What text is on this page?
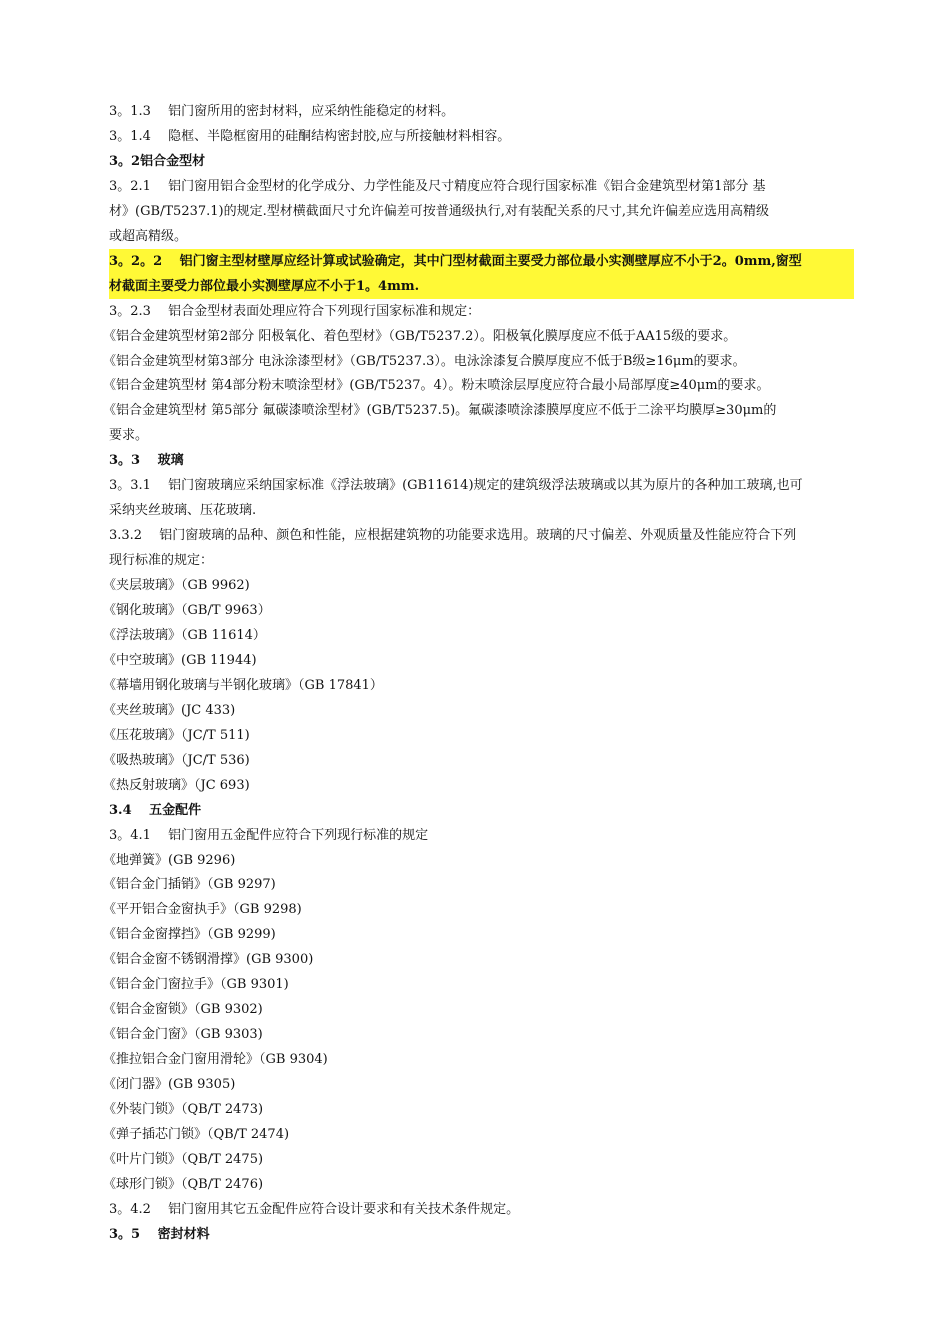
3。1.3　 铝门窗所用的密封材料，应采纳性能稳定的材料。
3。1.4　 隐框、半隐框窗用的硅酮结构密封胶,应与所接触材料相容。
3。2铝合金型材
3。2.1　 铝门窗用铝合金型材的化学成分、力学性能及尺寸精度应符合现行国家标准《铝合金建筑型材第1部分 基
材》(GB/T5237.1)的规定.型材横截面尺寸允许偏差可按普通级执行,对有装配关系的尺寸,其允许偏差应选用高精级
或超高精级。
3。2。2　 铝门窗主型材壁厚应经计算或试验确定，其中门型材截面主要受力部位最小实测壁厚应不小于2。0mm,窗型
材截面主要受力部位最小实测壁厚应不小于1。4mm.
3。2.3　 铝合金型材表面处理应符合下列现行国家标准和规定：
《铝合金建筑型材第2部分 阳极氧化、着色型材》（GB/T5237.2）。阳极氧化膜厚度应不低于AA15级的要求。
《铝合金建筑型材第3部分 电泳涂漆型材》（GB/T5237.3）。电泳涂漆复合膜厚度应不低于B级≥16μm的要求。
《铝合金建筑型材 第4部分粉末喷涂型材》(GB/T5237。4）。粉末喷涂层厚度应符合最小局部厚度≥40μm的要求。
《铝合金建筑型材 第5部分 氟碳漆喷涂型材》(GB/T5237.5)。氟碳漆喷涂漆膜厚度应不低于二涂平均膜厚≥30μm的
要求。
3。3　 玻璃
3。3.1　 铝门窗玻璃应采纳国家标准《浮法玻璃》(GB11614)规定的建筑级浮法玻璃或以其为原片的各种加工玻璃,也可
采纳夹丝玻璃、压花玻璃.
3.3.2　 铝门窗玻璃的品种、颜色和性能，应根据建筑物的功能要求选用。玻璃的尺寸偏差、外观质量及性能应符合下列
现行标准的规定：
《夹层玻璃》（GB 9962)
《钢化玻璃》（GB/T 9963）
《浮法玻璃》（GB 11614）
《中空玻璃》(GB 11944)
《幕墙用钢化玻璃与半钢化玻璃》（GB 17841）
《夹丝玻璃》(JC 433)
《压花玻璃》（JC/T 511)
《吸热玻璃》（JC/T 536)
《热反射玻璃》（JC 693)
3.4　 五金配件
3。4.1　 铝门窗用五金配件应符合下列现行标准的规定
《地弹簧》(GB 9296)
《铝合金门插销》（GB 9297)
《平开铝合金窗执手》（GB 9298)
《铝合金窗撑挡》（GB 9299)
《铝合金窗不锈钢滑撑》(GB 9300)
《铝合金门窗拉手》（GB 9301)
《铝合金窗锁》（GB 9302)
《铝合金门窗》（GB 9303)
《推拉铝合金门窗用滑轮》（GB 9304)
《闭门器》(GB 9305)
《外装门锁》（QB/T 2473)
《弹子插芯门锁》（QB/T 2474)
《叶片门锁》（QB/T 2475)
《球形门锁》（QB/T 2476)
3。4.2　 铝门窗用其它五金配件应符合设计要求和有关技术条件规定。
3。5　 密封材料
